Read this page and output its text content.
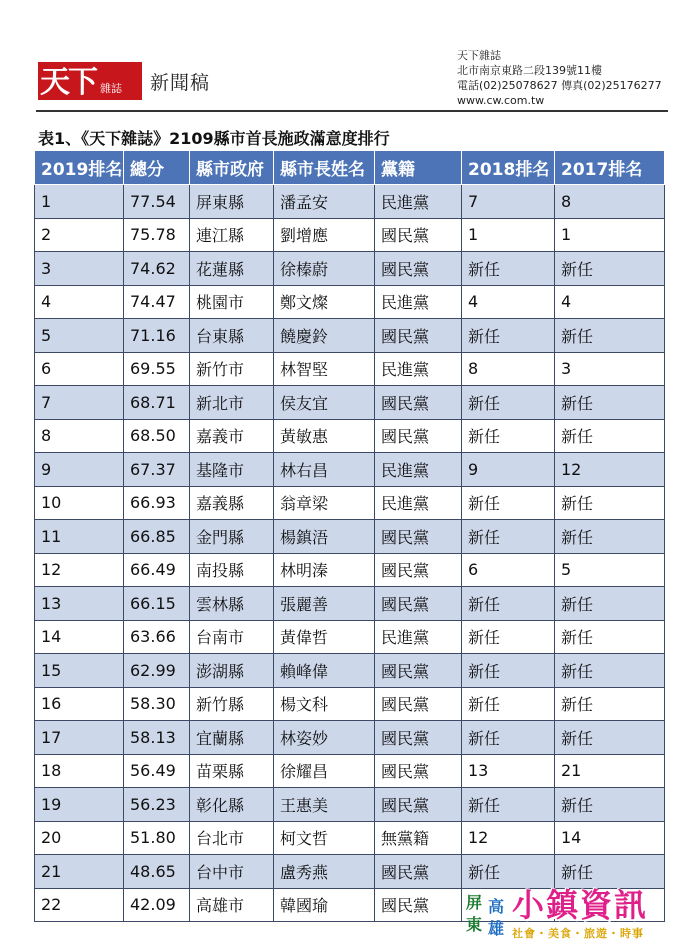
天下 雜誌 新聞稿
天下雜誌
北市南京東路二段139號11樓
電話(02)25078627 傳真(02)25176277
www.cw.com.tw
表1、《天下雜誌》2109縣市首長施政滿意度排行
2019排名	總分	縣市政府	縣市長姓名	黨籍	2018排名	2017排名
1	77.54	屏東縣	潘孟安	民進黨	7	8
2	75.78	連江縣	劉增應	國民黨	1	1
3	74.62	花蓮縣	徐榛蔚	國民黨	新任	新任
4	74.47	桃園市	鄭文燦	民進黨	4	4
5	71.16	台東縣	饒慶鈴	國民黨	新任	新任
6	69.55	新竹市	林智堅	民進黨	8	3
7	68.71	新北市	侯友宜	國民黨	新任	新任
8	68.50	嘉義市	黃敏惠	國民黨	新任	新任
9	67.37	基隆市	林右昌	民進黨	9	12
10	66.93	嘉義縣	翁章梁	民進黨	新任	新任
11	66.85	金門縣	楊鎮浯	國民黨	新任	新任
12	66.49	南投縣	林明溱	國民黨	6	5
13	66.15	雲林縣	張麗善	國民黨	新任	新任
14	63.66	台南市	黃偉哲	民進黨	新任	新任
15	62.99	澎湖縣	賴峰偉	國民黨	新任	新任
16	58.30	新竹縣	楊文科	國民黨	新任	新任
17	58.13	宜蘭縣	林姿妙	國民黨	新任	新任
18	56.49	苗栗縣	徐耀昌	國民黨	13	21
19	56.23	彰化縣	王惠美	國民黨	新任	新任
20	51.80	台北市	柯文哲	無黨籍	12	14
21	48.65	台中市	盧秀燕	國民黨	新任	新任
22	42.09	高雄市	韓國瑜	國民黨		屏
東
高
雄
小鎮資訊
社會・美食・旅遊・時事
